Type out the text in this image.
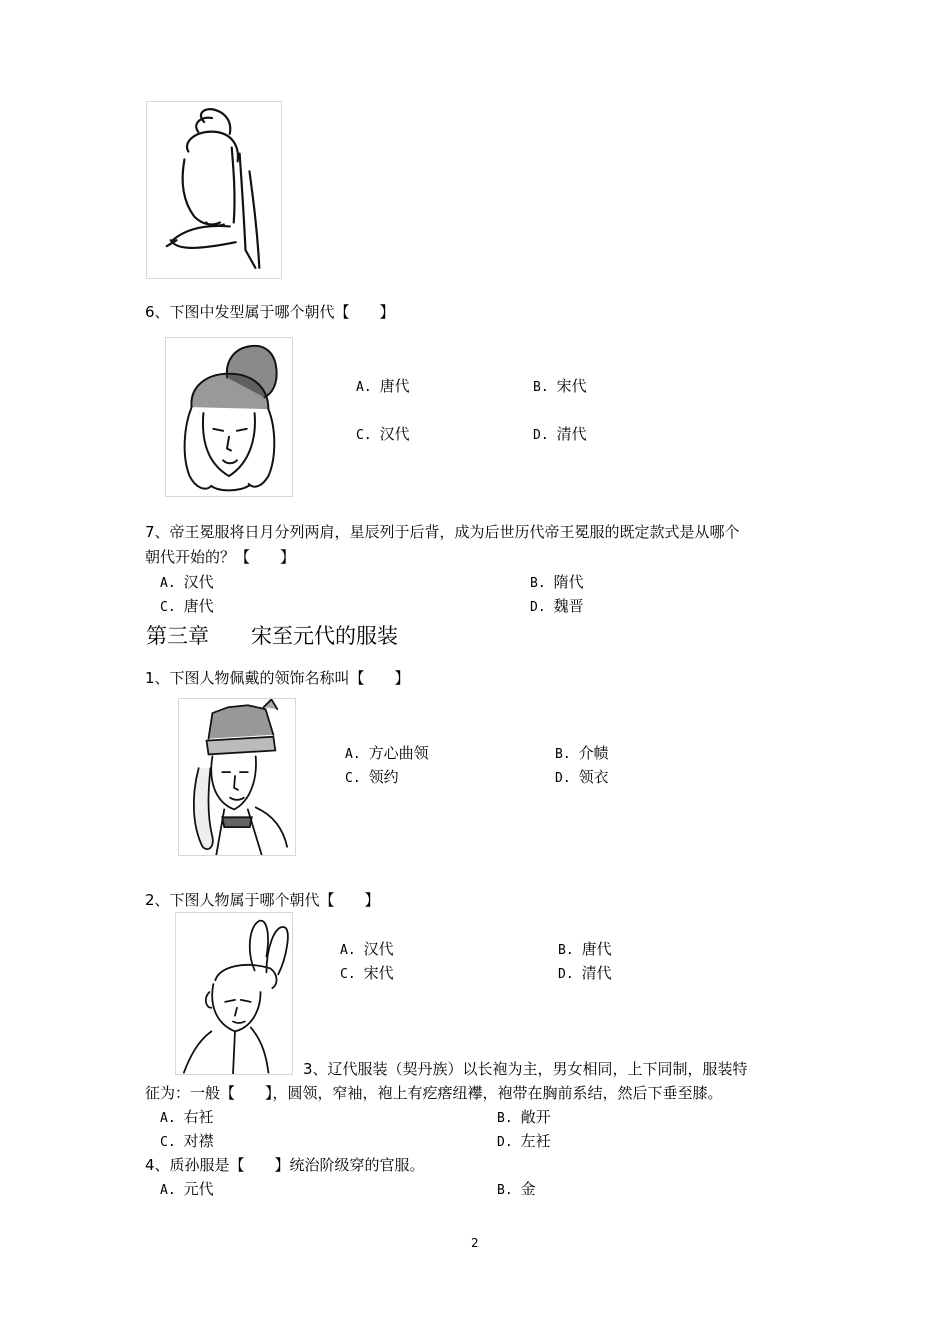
6、下图中发型属于哪个朝代【　　】
A. 唐代	B. 宋代
C. 汉代	D. 清代
7、帝王冕服将日月分列两肩，星辰列于后背，成为后世历代帝王冕服的既定款式是从哪个
朝代开始的？【　　】
A. 汉代	B. 隋代
C. 唐代	D. 魏晋
第三章　　宋至元代的服装
1、下图人物佩戴的领饰名称叫【　　】
A. 方心曲领	B. 介帻
C. 领约	D. 领衣
2、下图人物属于哪个朝代【　　】
A. 汉代	B. 唐代
C. 宋代	D. 清代
3、辽代服装（契丹族）以长袍为主，男女相同，上下同制，服装特
征为：一般【　　】，圆领，窄袖，袍上有疙瘩纽襻，袍带在胸前系结，然后下垂至膝。
A. 右衽	B. 敞开
C. 对襟	D. 左衽
4、质孙服是【　　】统治阶级穿的官服。
A. 元代	B. 金
2
